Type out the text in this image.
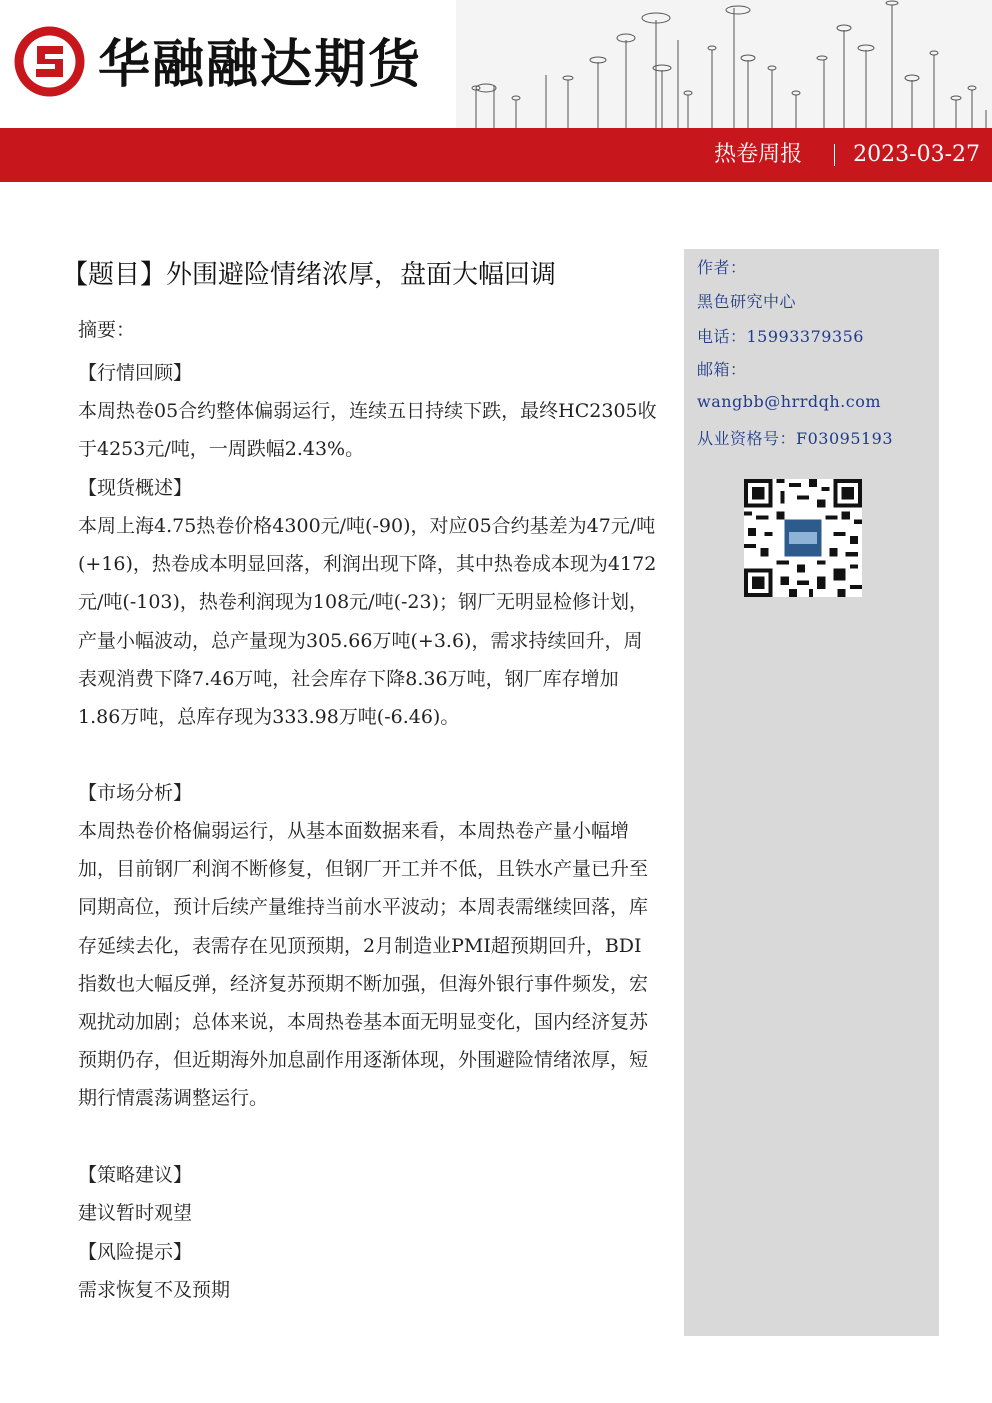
华融融达期货
热卷周报 2023-03-27
作者：
黑色研究中心
电话：15993379356
邮箱：
wangbb@hrrdqh.com
从业资格号：F03095193
【题目】外围避险情绪浓厚，盘面大幅回调
摘要：
【行情回顾】
本周热卷05合约整体偏弱运行，连续五日持续下跌，最终HC2305收于4253元/吨，一周跌幅2.43%。
【现货概述】
本周上海4.75热卷价格4300元/吨(-90)，对应05合约基差为47元/吨(+16)，热卷成本明显回落，利润出现下降，其中热卷成本现为4172元/吨(-103)，热卷利润现为108元/吨(-23)；钢厂无明显检修计划，产量小幅波动，总产量现为305.66万吨(+3.6)，需求持续回升，周表观消费下降7.46万吨，社会库存下降8.36万吨，钢厂库存增加1.86万吨，总库存现为333.98万吨(-6.46)。
【市场分析】
本周热卷价格偏弱运行，从基本面数据来看，本周热卷产量小幅增加，目前钢厂利润不断修复，但钢厂开工并不低，且铁水产量已升至同期高位，预计后续产量维持当前水平波动；本周表需继续回落，库存延续去化，表需存在见顶预期，2月制造业PMI超预期回升，BDI指数也大幅反弹，经济复苏预期不断加强，但海外银行事件频发，宏观扰动加剧；总体来说，本周热卷基本面无明显变化，国内经济复苏预期仍存，但近期海外加息副作用逐渐体现，外围避险情绪浓厚，短期行情震荡调整运行。
【策略建议】
建议暂时观望
【风险提示】
需求恢复不及预期
